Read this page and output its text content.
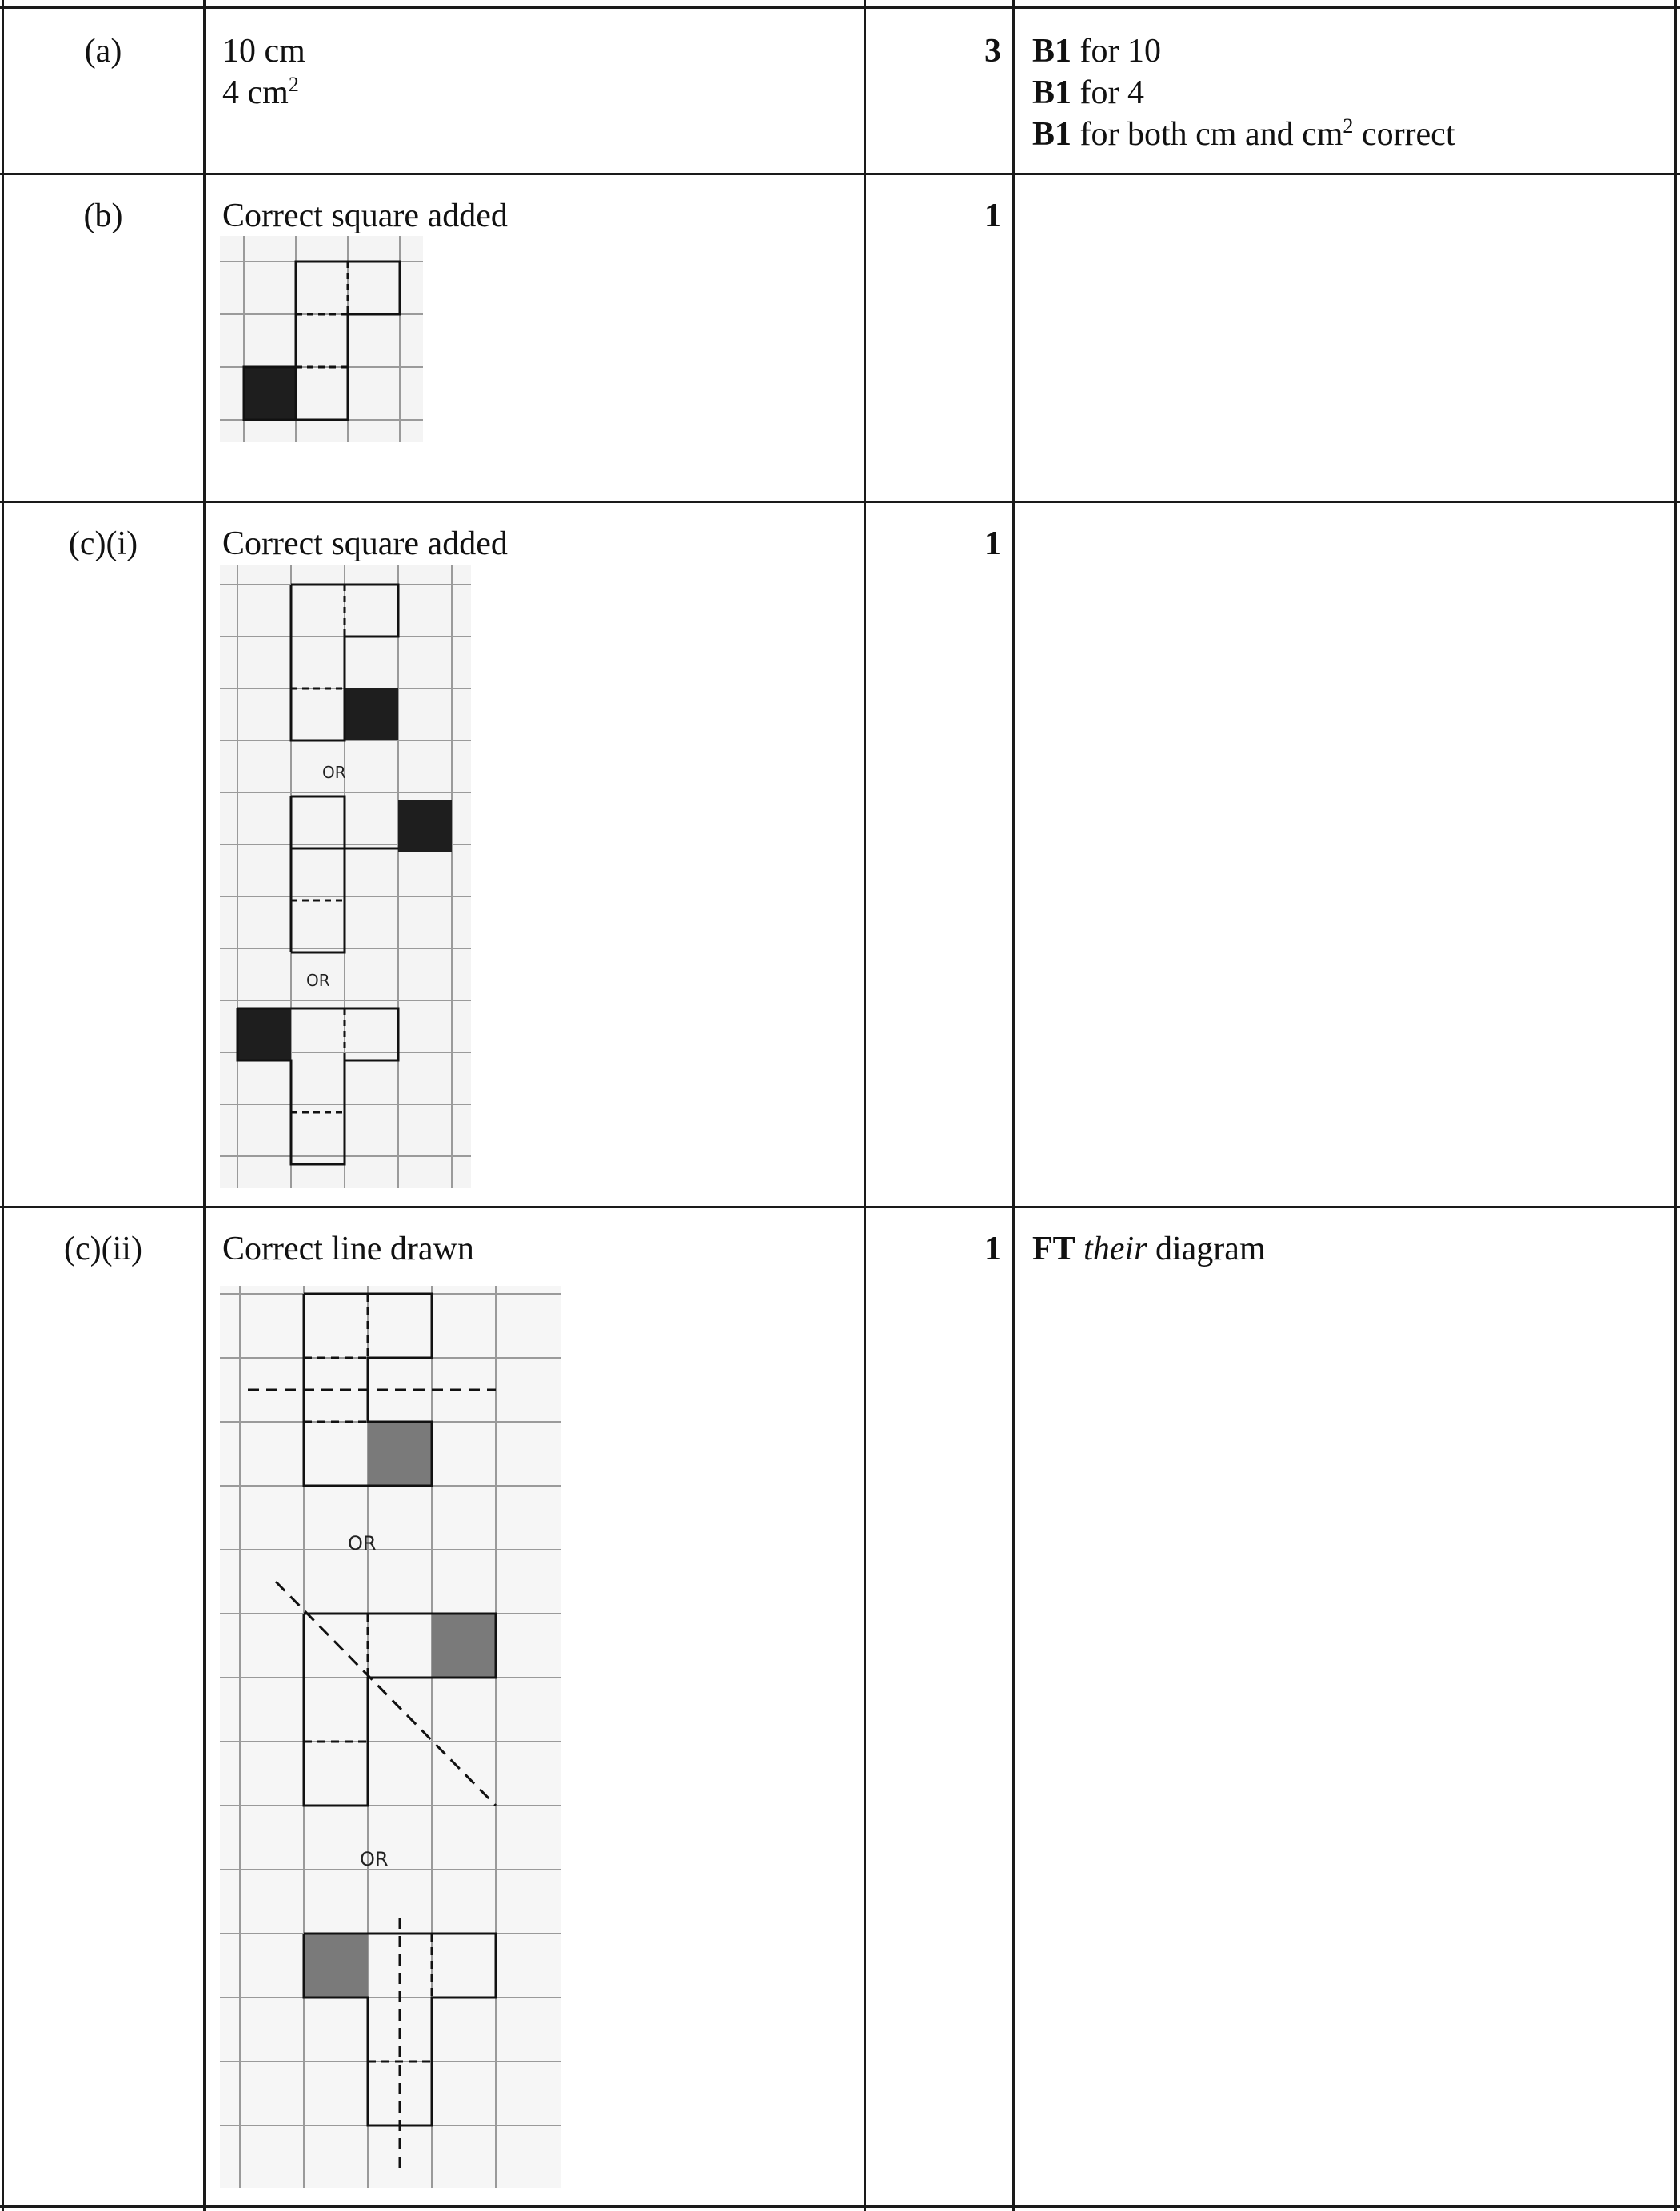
(a)	10 cm
4 $cm^2$
3 B1 for 10
B1 for 4
B1 for both cm and $cm^2$ correct
(b)	Correct square added	1
(c)(i)	Correct square added	1
OR
OR
(c)(ii)	Correct line drawn	1 FT their diagram
OR
OR
